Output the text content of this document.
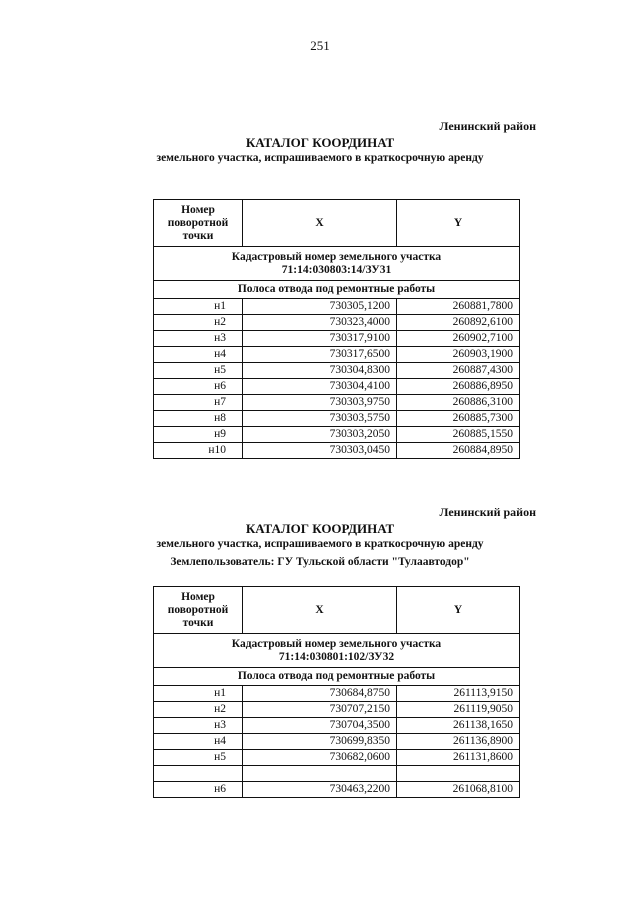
251
Ленинский район
КАТАЛОГ КООРДИНАТ
земельного участка, испрашиваемого в краткосрочную аренду
Номер поворотной точки	X	Y

Кадастровый номер земельного участка
71:14:030803:14/ЗУ31		

Полоса отвода под ремонтные работы		
н1	730305,1200	260881,7800
н2	730323,4000	260892,6100
н3	730317,9100	260902,7100
н4	730317,6500	260903,1900
н5	730304,8300	260887,4300
н6	730304,4100	260886,8950
н7	730303,9750	260886,3100
н8	730303,5750	260885,7300
н9	730303,2050	260885,1550
н10	730303,0450	260884,8950
Ленинский район
КАТАЛОГ КООРДИНАТ
земельного участка, испрашиваемого в краткосрочную аренду
Землепользователь: ГУ Тульской области "Тулаавтодор"
Номер поворотной точки	X	Y

Кадастровый номер земельного участка
71:14:030801:102/ЗУ32		

Полоса отвода под ремонтные работы		
н1	730684,8750	261113,9150
н2	730707,2150	261119,9050
н3	730704,3500	261138,1650
н4	730699,8350	261136,8900
н5	730682,0600	261131,8600

н6	730463,2200	261068,8100
